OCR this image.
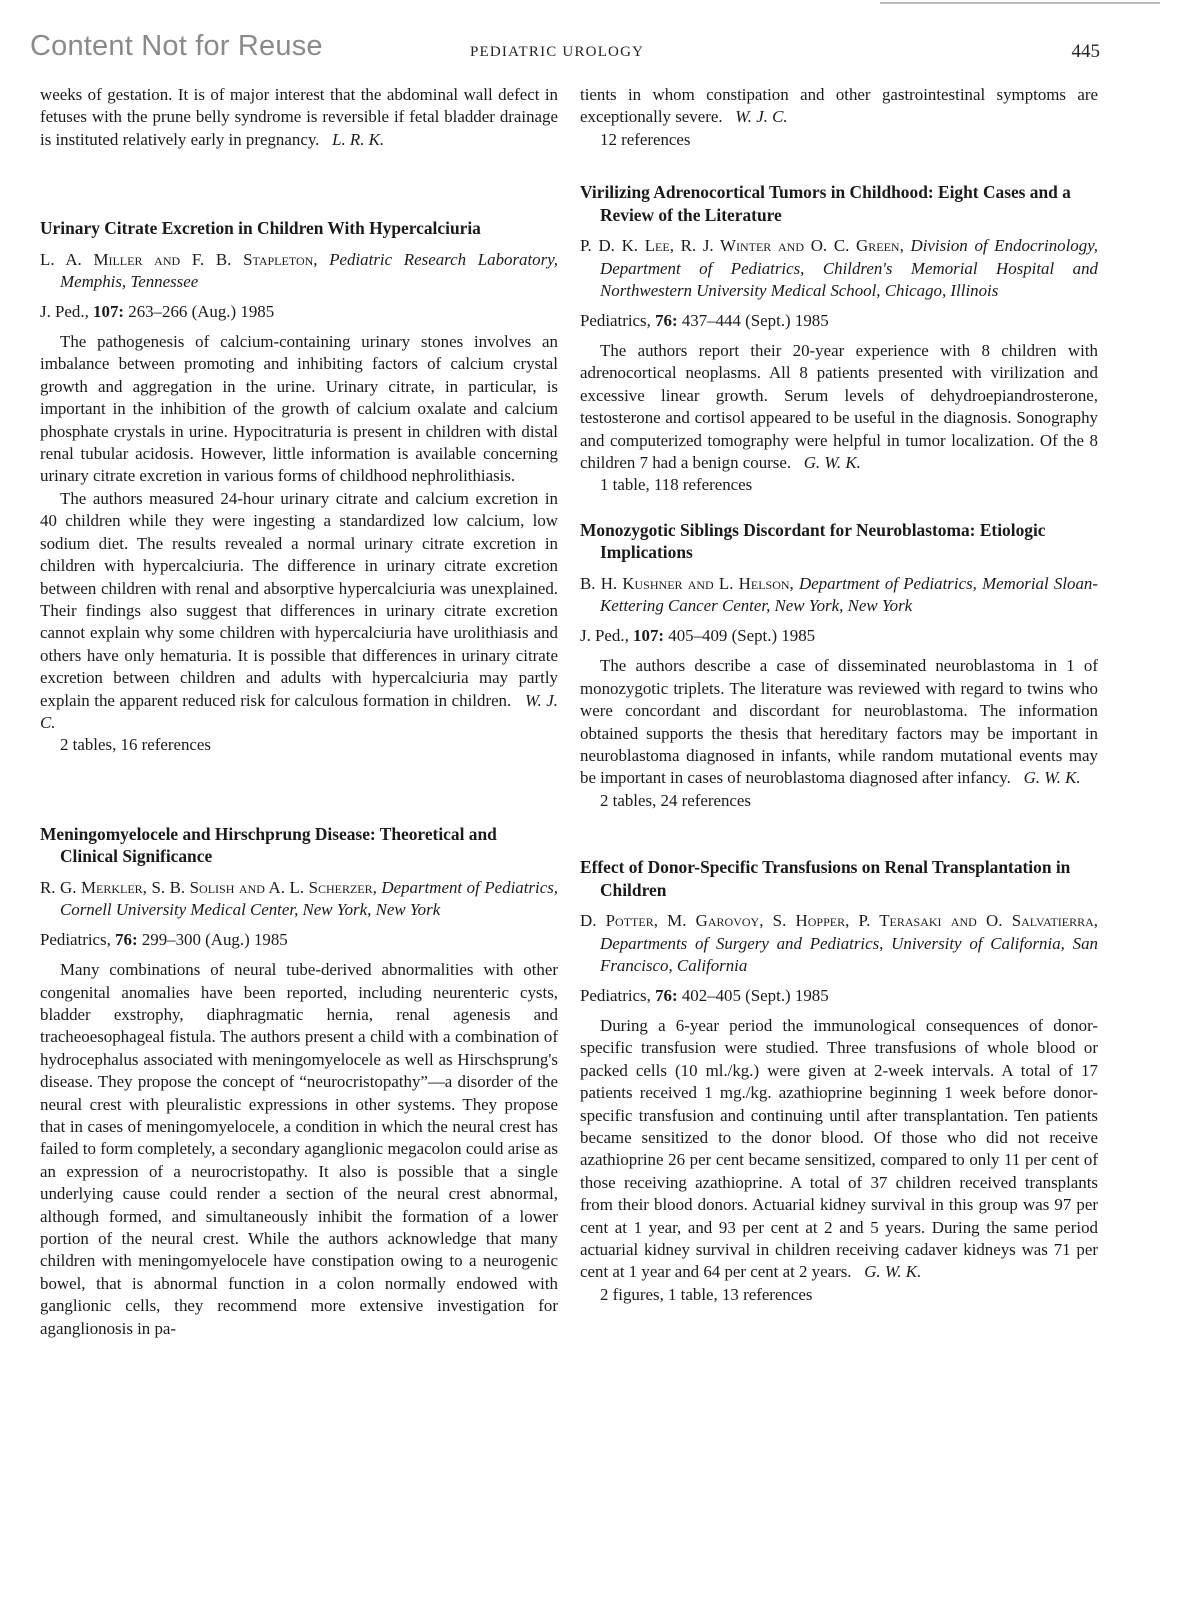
Content Not for Reuse	PEDIATRIC UROLOGY	445

weeks of gestation. It is of major interest that the abdominal wall defect in fetuses with the prune belly syndrome is reversible if fetal bladder drainage is instituted relatively early in pregnancy. L. R. K.

Urinary Citrate Excretion in Children With Hypercalciuria

L. A. Miller and F. B. Stapleton, Pediatric Research Laboratory, Memphis, Tennessee

J. Ped., 107: 263–266 (Aug.) 1985

The pathogenesis of calcium-containing urinary stones involves an imbalance between promoting and inhibiting factors of calcium crystal growth and aggregation in the urine. Urinary citrate, in particular, is important in the inhibition of the growth of calcium oxalate and calcium phosphate crystals in urine. Hypocitraturia is present in children with distal renal tubular acidosis. However, little information is available concerning urinary citrate excretion in various forms of childhood nephrolithiasis.

The authors measured 24-hour urinary citrate and calcium excretion in 40 children while they were ingesting a standardized low calcium, low sodium diet. The results revealed a normal urinary citrate excretion in children with hypercalciuria. The difference in urinary citrate excretion between children with renal and absorptive hypercalciuria was unexplained. Their findings also suggest that differences in urinary citrate excretion cannot explain why some children with hypercalciuria have urolithiasis and others have only hematuria. It is possible that differences in urinary citrate excretion between children and adults with hypercalciuria may partly explain the apparent reduced risk for calculous formation in children. W. J. C.

2 tables, 16 references

Meningomyelocele and Hirschprung Disease: Theoretical and Clinical Significance

R. G. Merkler, S. B. Solish and A. L. Scherzer, Department of Pediatrics, Cornell University Medical Center, New York, New York

Pediatrics, 76: 299–300 (Aug.) 1985

Many combinations of neural tube-derived abnormalities with other congenital anomalies have been reported, including neurenteric cysts, bladder exstrophy, diaphragmatic hernia, renal agenesis and tracheoesophageal fistula. The authors present a child with a combination of hydrocephalus associated with meningomyelocele as well as Hirschsprung's disease. They propose the concept of “neurocristopathy”—a disorder of the neural crest with pleuralistic expressions in other systems. They propose that in cases of meningomyelocele, a condition in which the neural crest has failed to form completely, a secondary aganglionic megacolon could arise as an expression of a neurocristopathy. It also is possible that a single underlying cause could render a section of the neural crest abnormal, although formed, and simultaneously inhibit the formation of a lower portion of the neural crest. While the authors acknowledge that many children with meningomyelocele have constipation owing to a neurogenic bowel, that is abnormal function in a colon normally endowed with ganglionic cells, they recommend more extensive investigation for aganglionosis in pa-

tients in whom constipation and other gastrointestinal symptoms are exceptionally severe. W. J. C.

12 references

Virilizing Adrenocortical Tumors in Childhood: Eight Cases and a Review of the Literature

P. D. K. Lee, R. J. Winter and O. C. Green, Division of Endocrinology, Department of Pediatrics, Children's Memorial Hospital and Northwestern University Medical School, Chicago, Illinois

Pediatrics, 76: 437–444 (Sept.) 1985

The authors report their 20-year experience with 8 children with adrenocortical neoplasms. All 8 patients presented with virilization and excessive linear growth. Serum levels of dehydroepiandrosterone, testosterone and cortisol appeared to be useful in the diagnosis. Sonography and computerized tomography were helpful in tumor localization. Of the 8 children 7 had a benign course. G. W. K.

1 table, 118 references

Monozygotic Siblings Discordant for Neuroblastoma: Etiologic Implications

B. H. Kushner and L. Helson, Department of Pediatrics, Memorial Sloan-Kettering Cancer Center, New York, New York

J. Ped., 107: 405–409 (Sept.) 1985

The authors describe a case of disseminated neuroblastoma in 1 of monozygotic triplets. The literature was reviewed with regard to twins who were concordant and discordant for neuroblastoma. The information obtained supports the thesis that hereditary factors may be important in neuroblastoma diagnosed in infants, while random mutational events may be important in cases of neuroblastoma diagnosed after infancy. G. W. K.

2 tables, 24 references

Effect of Donor-Specific Transfusions on Renal Transplantation in Children

D. Potter, M. Garovoy, S. Hopper, P. Terasaki and O. Salvatierra, Departments of Surgery and Pediatrics, University of California, San Francisco, California

Pediatrics, 76: 402–405 (Sept.) 1985

During a 6-year period the immunological consequences of donor-specific transfusion were studied. Three transfusions of whole blood or packed cells (10 ml./kg.) were given at 2-week intervals. A total of 17 patients received 1 mg./kg. azathioprine beginning 1 week before donor-specific transfusion and continuing until after transplantation. Ten patients became sensitized to the donor blood. Of those who did not receive azathioprine 26 per cent became sensitized, compared to only 11 per cent of those receiving azathioprine. A total of 37 children received transplants from their blood donors. Actuarial kidney survival in this group was 97 per cent at 1 year, and 93 per cent at 2 and 5 years. During the same period actuarial kidney survival in children receiving cadaver kidneys was 71 per cent at 1 year and 64 per cent at 2 years. G. W. K.

2 figures, 1 table, 13 references
